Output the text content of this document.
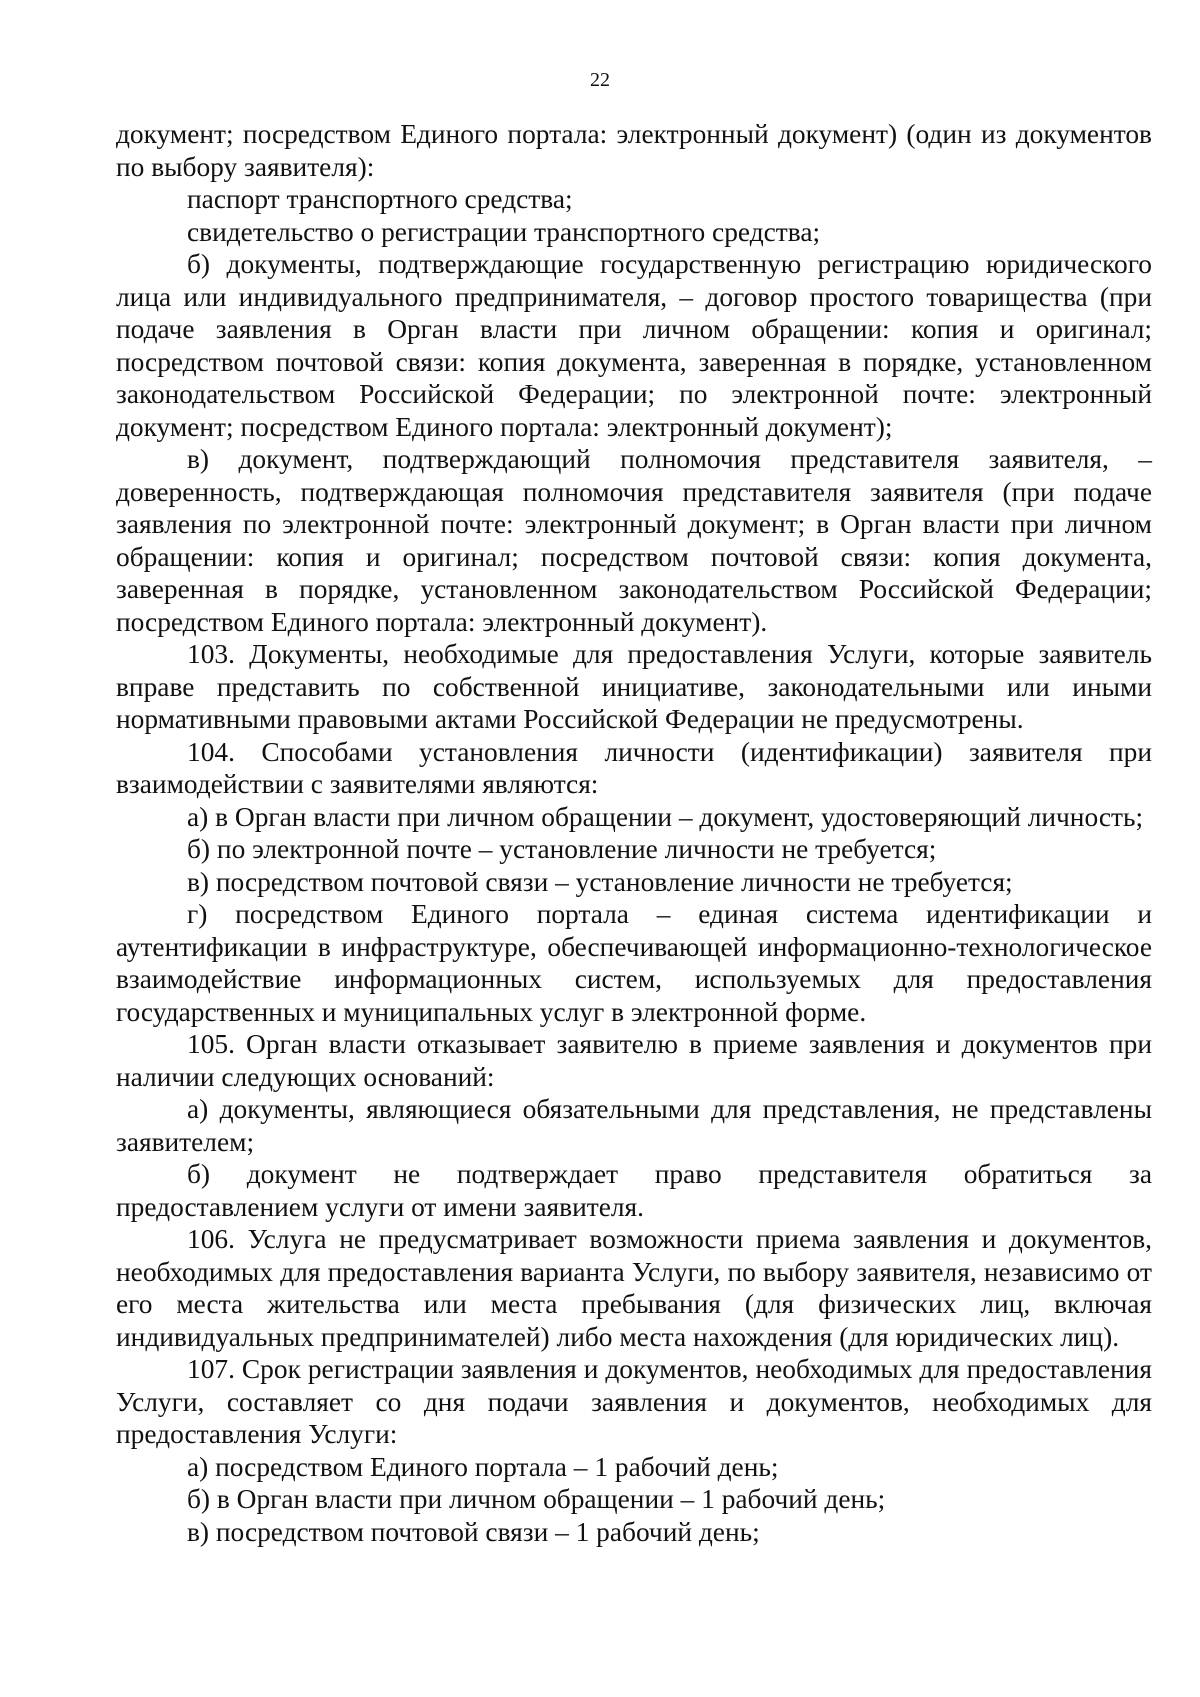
22

документ; посредством Единого портала: электронный документ) (один из документов по выбору заявителя):

паспорт транспортного средства;

свидетельство о регистрации транспортного средства;

б) документы, подтверждающие государственную регистрацию юридического лица или индивидуального предпринимателя, – договор простого товарищества (при подаче заявления в Орган власти при личном обращении: копия и оригинал; посредством почтовой связи: копия документа, заверенная в порядке, установленном законодательством Российской Федерации; по электронной почте: электронный документ; посредством Единого портала: электронный документ);

в) документ, подтверждающий полномочия представителя заявителя, – доверенность, подтверждающая полномочия представителя заявителя (при подаче заявления по электронной почте: электронный документ; в Орган власти при личном обращении: копия и оригинал; посредством почтовой связи: копия документа, заверенная в порядке, установленном законодательством Российской Федерации; посредством Единого портала: электронный документ).

103. Документы, необходимые для предоставления Услуги, которые заявитель вправе представить по собственной инициативе, законодательными или иными нормативными правовыми актами Российской Федерации не предусмотрены.

104. Способами установления личности (идентификации) заявителя при взаимодействии с заявителями являются:

а) в Орган власти при личном обращении – документ, удостоверяющий личность;

б) по электронной почте – установление личности не требуется;

в) посредством почтовой связи – установление личности не требуется;

г) посредством Единого портала – единая система идентификации и аутентификации в инфраструктуре, обеспечивающей информационно-технологическое взаимодействие информационных систем, используемых для предоставления государственных и муниципальных услуг в электронной форме.

105. Орган власти отказывает заявителю в приеме заявления и документов при наличии следующих оснований:

а) документы, являющиеся обязательными для представления, не представлены заявителем;

б) документ не подтверждает право представителя обратиться за предоставлением услуги от имени заявителя.

106. Услуга не предусматривает возможности приема заявления и документов, необходимых для предоставления варианта Услуги, по выбору заявителя, независимо от его места жительства или места пребывания (для физических лиц, включая индивидуальных предпринимателей) либо места нахождения (для юридических лиц).

107. Срок регистрации заявления и документов, необходимых для предоставления Услуги, составляет со дня подачи заявления и документов, необходимых для предоставления Услуги:

а) посредством Единого портала – 1 рабочий день;

б) в Орган власти при личном обращении – 1 рабочий день;

в) посредством почтовой связи – 1 рабочий день;
